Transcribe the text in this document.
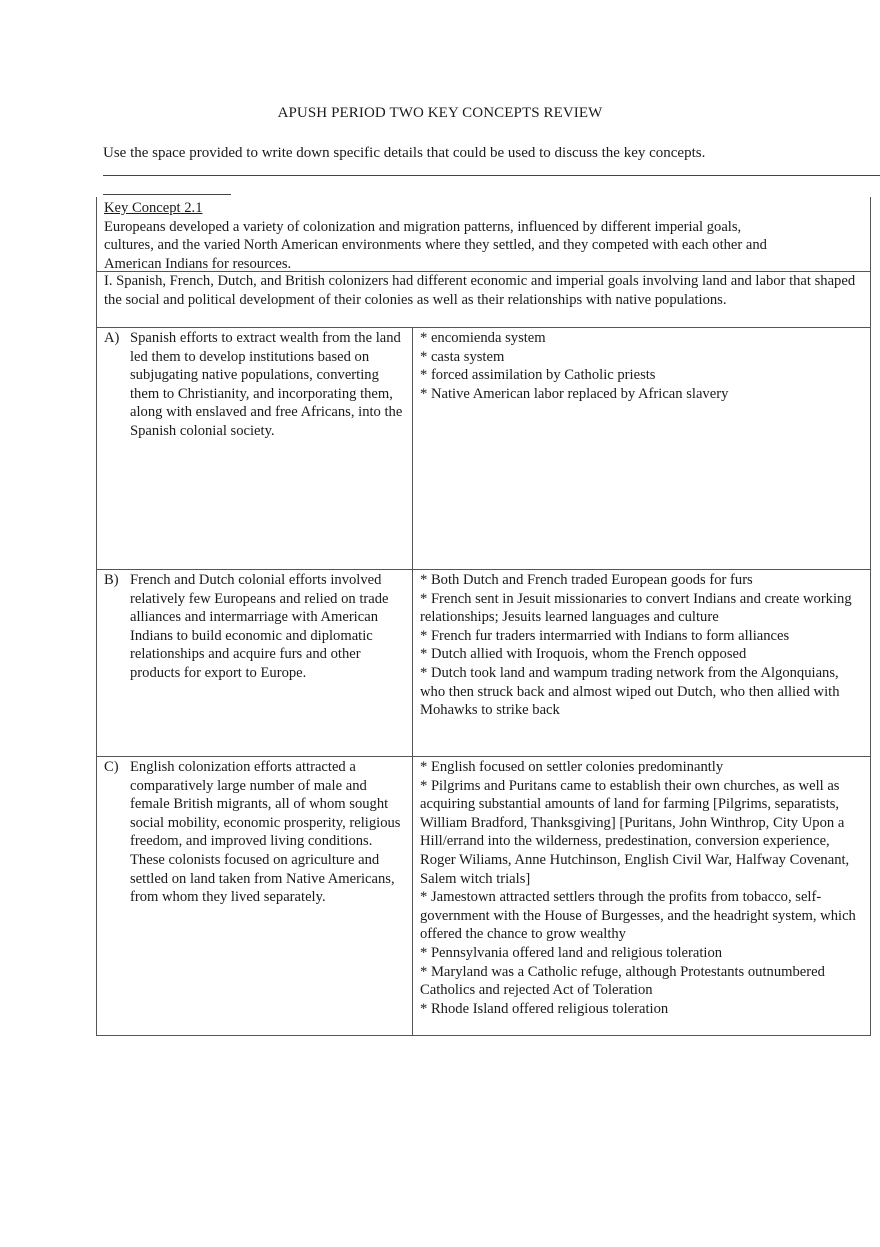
APUSH PERIOD TWO KEY CONCEPTS REVIEW
Use the space provided to write down specific details that could be used to discuss the key concepts.
Key Concept 2.1
Europeans developed a variety of colonization and migration patterns, influenced by different imperial goals, cultures, and the varied North American environments where they settled, and they competed with each other and American Indians for resources.
I. Spanish, French, Dutch, and British colonizers had different economic and imperial goals involving land and labor that shaped the social and political development of their colonies as well as their relationships with native populations.
A) Spanish efforts to extract wealth from the land led them to develop institutions based on subjugating native populations, converting them to Christianity, and incorporating them, along with enslaved and free Africans, into the Spanish colonial society.
* encomienda system
* casta system
* forced assimilation by Catholic priests
* Native American labor replaced by African slavery
B) French and Dutch colonial efforts involved relatively few Europeans and relied on trade alliances and intermarriage with American Indians to build economic and diplomatic relationships and acquire furs and other products for export to Europe.
* Both Dutch and French traded European goods for furs
* French sent in Jesuit missionaries to convert Indians and create working relationships; Jesuits learned languages and culture
* French fur traders intermarried with Indians to form alliances
* Dutch allied with Iroquois, whom the French opposed
* Dutch took land and wampum trading network from the Algonquians, who then struck back and almost wiped out Dutch, who then allied with Mohawks to strike back
C) English colonization efforts attracted a comparatively large number of male and female British migrants, all of whom sought social mobility, economic prosperity, religious freedom, and improved living conditions. These colonists focused on agriculture and settled on land taken from Native Americans, from whom they lived separately.
* English focused on settler colonies predominantly
* Pilgrims and Puritans came to establish their own churches, as well as acquiring substantial amounts of land for farming [Pilgrims, separatists, William Bradford, Thanksgiving] [Puritans, John Winthrop, City Upon a Hill/errand into the wilderness, predestination, conversion experience, Roger Wiliams, Anne Hutchinson, English Civil War, Halfway Covenant, Salem witch trials]
* Jamestown attracted settlers through the profits from tobacco, self-government with the House of Burgesses, and the headright system, which offered the chance to grow wealthy
* Pennsylvania offered land and religious toleration
* Maryland was a Catholic refuge, although Protestants outnumbered Catholics and rejected Act of Toleration
* Rhode Island offered religious toleration
